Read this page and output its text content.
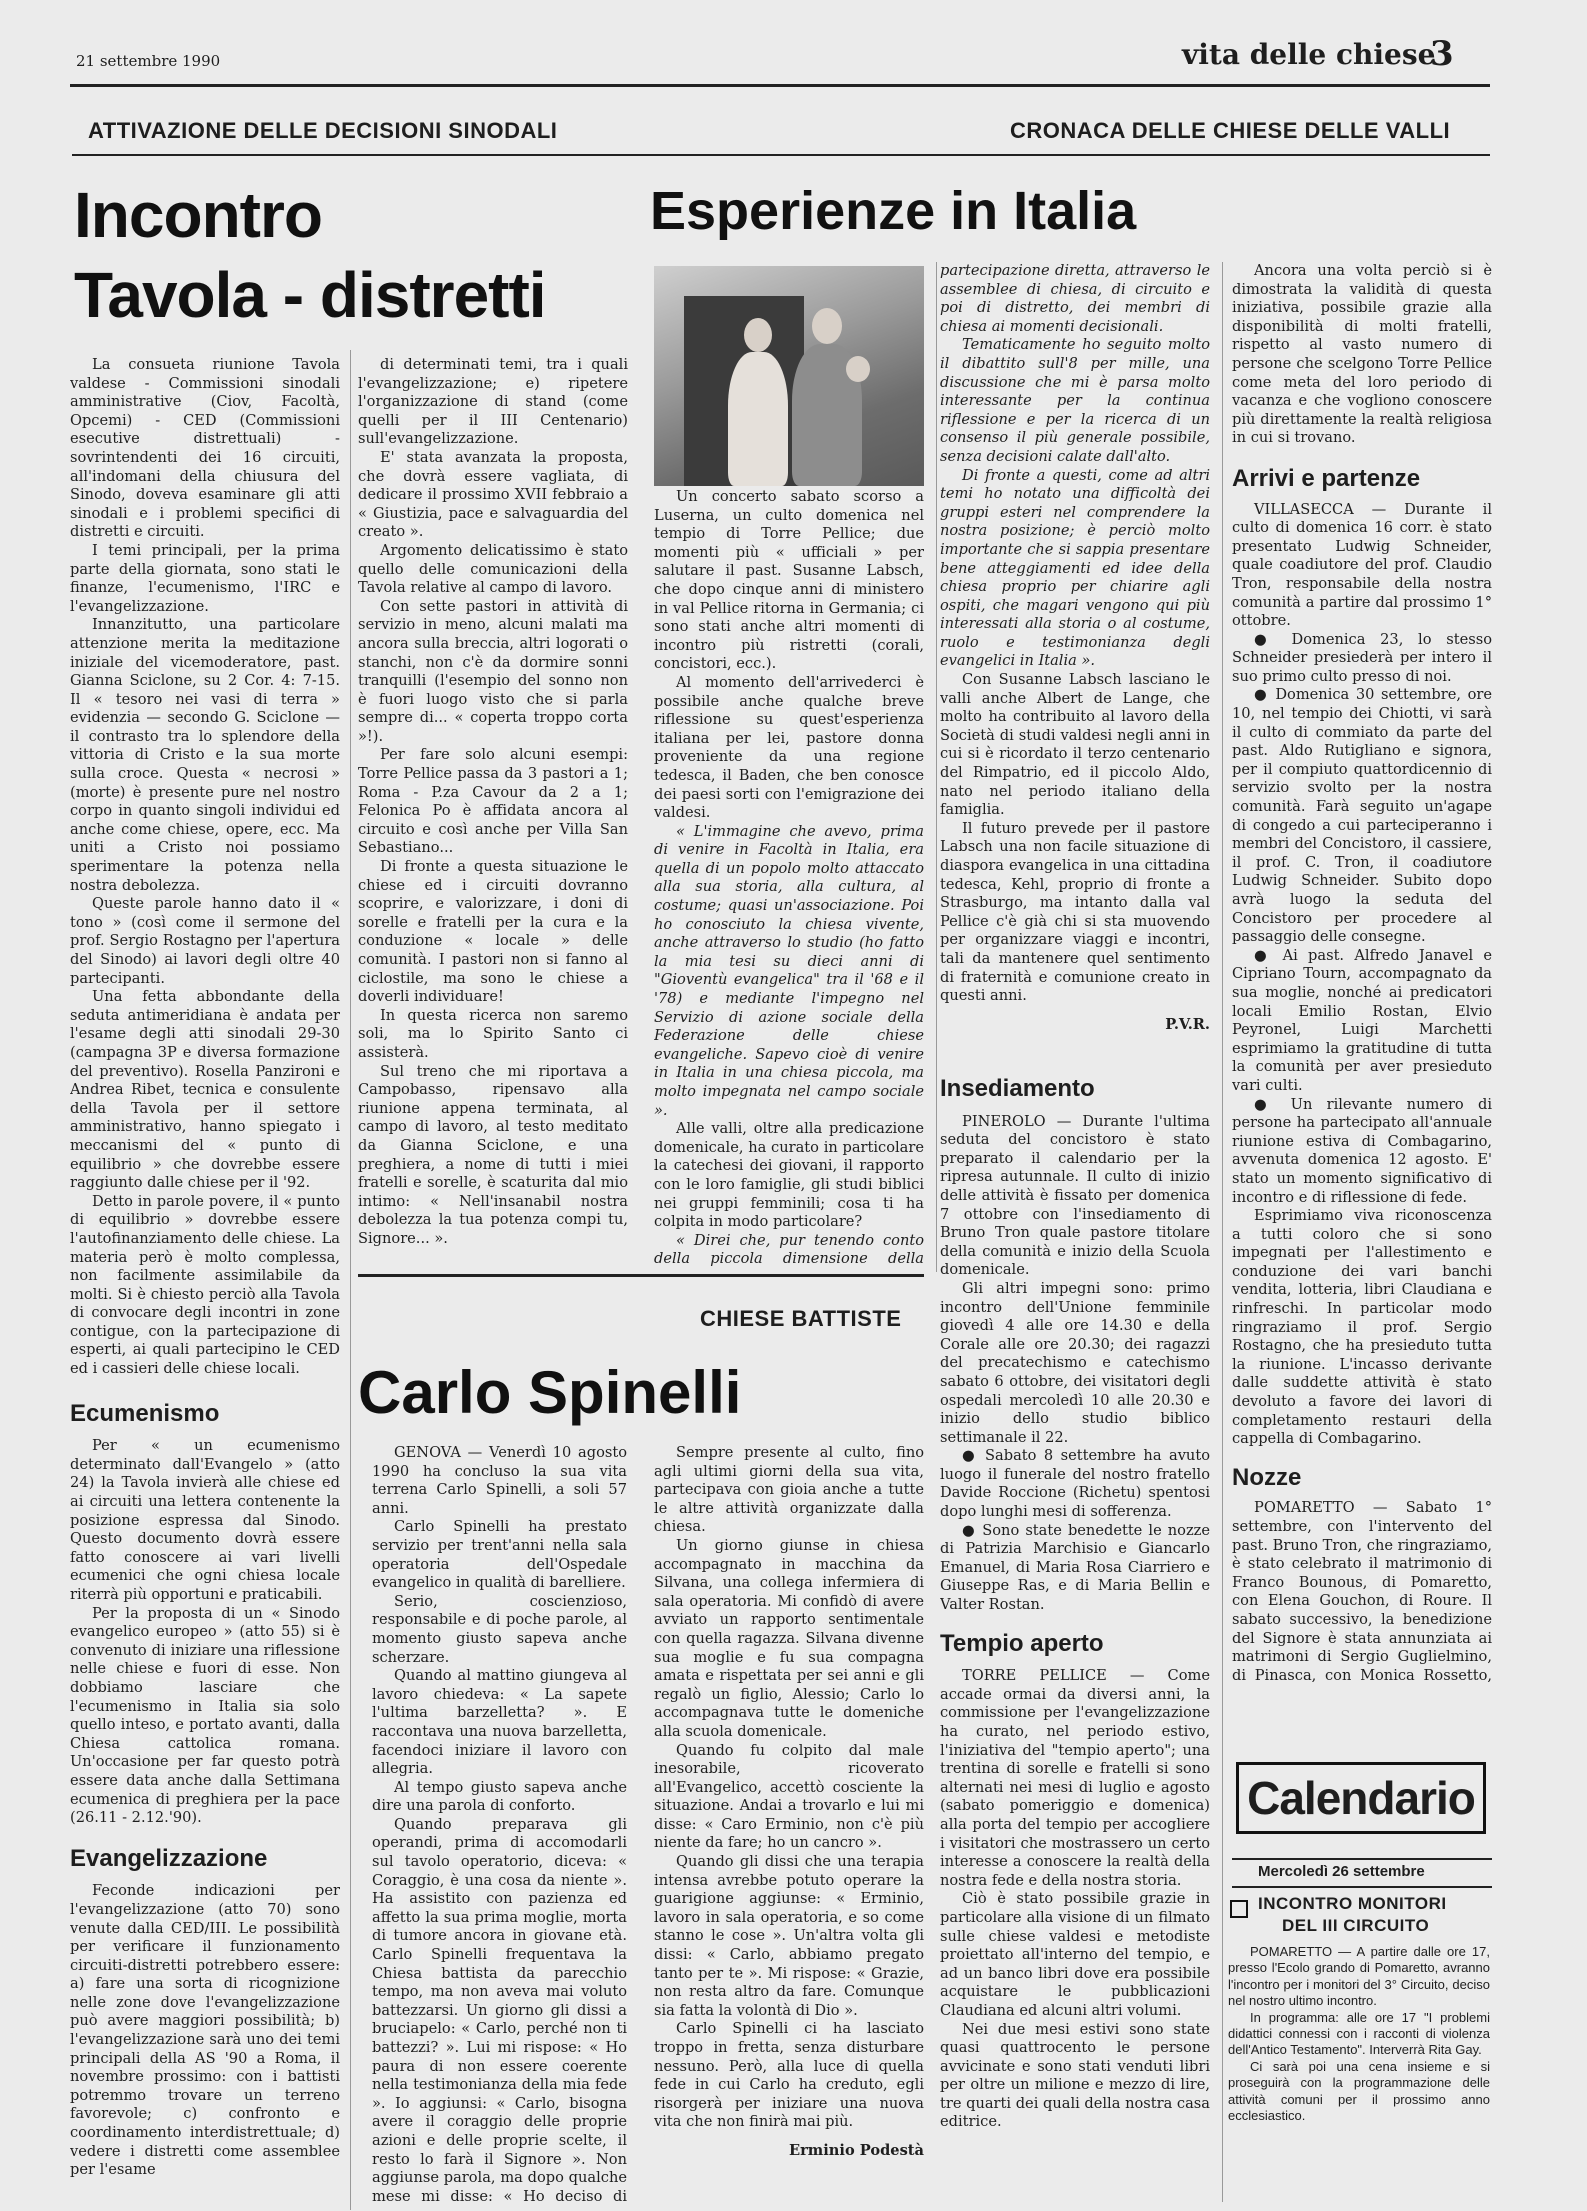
21 settembre 1990	vita delle chiese
3
ATTIVAZIONE DELLE DECISIONI SINODALI	CRONACA DELLE CHIESE DELLE VALLI
Incontro
Tavola - distretti

La consueta riunione Tavola valdese - Commissioni sinodali amministrative (Ciov, Facoltà, Opcemi) - CED (Commissioni esecutive distrettuali) - sovrintendenti dei 16 circuiti, all'indomani della chiusura del Sinodo, doveva esaminare gli atti sinodali e i problemi specifici di distretti e circuiti.

I temi principali, per la prima parte della giornata, sono stati le finanze, l'ecumenismo, l'IRC e l'evangelizzazione.

Innanzitutto, una particolare attenzione merita la meditazione iniziale del vicemoderatore, past. Gianna Sciclone, su 2 Cor. 4: 7-15. Il « tesoro nei vasi di terra » evidenzia — secondo G. Sciclone — il contrasto tra lo splendore della vittoria di Cristo e la sua morte sulla croce. Questa « necrosi » (morte) è presente pure nel nostro corpo in quanto singoli individui ed anche come chiese, opere, ecc. Ma uniti a Cristo noi possiamo sperimentare la potenza nella nostra debolezza.

Queste parole hanno dato il « tono » (così come il sermone del prof. Sergio Rostagno per l'apertura del Sinodo) ai lavori degli oltre 40 partecipanti.

Una fetta abbondante della seduta antimeridiana è andata per l'esame degli atti sinodali 29-30 (campagna 3P e diversa formazione del preventivo). Rosella Panzironi e Andrea Ribet, tecnica e consulente della Tavola per il settore amministrativo, hanno spiegato i meccanismi del « punto di equilibrio » che dovrebbe essere raggiunto dalle chiese per il '92.

Detto in parole povere, il « punto di equilibrio » dovrebbe essere l'autofinanziamento delle chiese. La materia però è molto complessa, non facilmente assimilabile da molti. Si è chiesto perciò alla Tavola di convocare degli incontri in zone contigue, con la partecipazione di esperti, ai quali partecipino le CED ed i cassieri delle chiese locali.

Ecumenismo

Per « un ecumenismo determinato dall'Evangelo » (atto 24) la Tavola invierà alle chiese ed ai circuiti una lettera contenente la posizione espressa dal Sinodo. Questo documento dovrà essere fatto conoscere ai vari livelli ecumenici che ogni chiesa locale riterrà più opportuni e praticabili.

Per la proposta di un « Sinodo evangelico europeo » (atto 55) si è convenuto di iniziare una riflessione nelle chiese e fuori di esse. Non dobbiamo lasciare che l'ecumenismo in Italia sia solo quello inteso, e portato avanti, dalla Chiesa cattolica romana. Un'occasione per far questo potrà essere data anche dalla Settimana ecumenica di preghiera per la pace (26.11 - 2.12.'90).

Evangelizzazione

Feconde indicazioni per l'evangelizzazione (atto 70) sono venute dalla CED/III. Le possibilità per verificare il funzionamento circuiti-distretti potrebbero essere: a) fare una sorta di ricognizione nelle zone dove l'evangelizzazione può avere maggiori possibilità; b) l'evangelizzazione sarà uno dei temi principali della AS '90 a Roma, il novembre prossimo: con i battisti potremmo trovare un terreno favorevole; c) confronto e coordinamento interdistrettuale; d) vedere i distretti come assemblee per l'esame

di determinati temi, tra i quali l'evangelizzazione; e) ripetere l'organizzazione di stand (come quelli per il III Centenario) sull'evangelizzazione.

E' stata avanzata la proposta, che dovrà essere vagliata, di dedicare il prossimo XVII febbraio a « Giustizia, pace e salvaguardia del creato ».

Argomento delicatissimo è stato quello delle comunicazioni della Tavola relative al campo di lavoro.

Con sette pastori in attività di servizio in meno, alcuni malati ma ancora sulla breccia, altri logorati o stanchi, non c'è da dormire sonni tranquilli (l'esempio del sonno non è fuori luogo visto che si parla sempre di... « coperta troppo corta »!).

Per fare solo alcuni esempi: Torre Pellice passa da 3 pastori a 1; Roma - P.za Cavour da 2 a 1; Felonica Po è affidata ancora al circuito e così anche per Villa San Sebastiano...

Di fronte a questa situazione le chiese ed i circuiti dovranno scoprire, e valorizzare, i doni di sorelle e fratelli per la cura e la conduzione « locale » delle comunità. I pastori non si fanno al ciclostile, ma sono le chiese a doverli individuare!

In questa ricerca non saremo soli, ma lo Spirito Santo ci assisterà.

Sul treno che mi riportava a Campobasso, ripensavo alla riunione appena terminata, al campo di lavoro, al testo meditato da Gianna Sciclone, e una preghiera, a nome di tutti i miei fratelli e sorelle, è scaturita dal mio intimo: « Nell'insanabil nostra debolezza la tua potenza compi tu, Signore... ».

Esperienze in Italia

Un concerto sabato scorso a Luserna, un culto domenica nel tempio di Torre Pellice; due momenti più « ufficiali » per salutare il past. Susanne Labsch, che dopo cinque anni di ministero in val Pellice ritorna in Germania; ci sono stati anche altri momenti di incontro più ristretti (corali, concistori, ecc.).

Al momento dell'arrivederci è possibile anche qualche breve riflessione su quest'esperienza italiana per lei, pastore donna proveniente da una regione tedesca, il Baden, che ben conosce dei paesi sorti con l'emigrazione dei valdesi.

« L'immagine che avevo, prima di venire in Facoltà in Italia, era quella di un popolo molto attaccato alla sua storia, alla cultura, al costume; quasi un'associazione. Poi ho conosciuto la chiesa vivente, anche attraverso lo studio (ho fatto la mia tesi su dieci anni di "Gioventù evangelica" tra il '68 e il '78) e mediante l'impegno nel Servizio di azione sociale della Federazione delle chiese evangeliche. Sapevo cioè di venire in Italia in una chiesa piccola, ma molto impegnata nel campo sociale ».

Alle valli, oltre alla predicazione domenicale, ha curato in particolare la catechesi dei giovani, il rapporto con le loro famiglie, gli studi biblici nei gruppi femminili; cosa ti ha colpita in modo particolare?

« Direi che, pur tenendo conto della piccola dimensione della

partecipazione diretta, attraverso le assemblee di chiesa, di circuito e poi di distretto, dei membri di chiesa ai momenti decisionali.

Tematicamente ho seguito molto il dibattito sull'8 per mille, una discussione che mi è parsa molto interessante per la continua riflessione e per la ricerca di un consenso il più generale possibile, senza decisioni calate dall'alto.

Di fronte a questi, come ad altri temi ho notato una difficoltà dei gruppi esteri nel comprendere la nostra posizione; è perciò molto importante che si sappia presentare bene atteggiamenti ed idee della chiesa proprio per chiarire agli ospiti, che magari vengono qui più interessati alla storia o al costume, ruolo e testimonianza degli evangelici in Italia ».

Con Susanne Labsch lasciano le valli anche Albert de Lange, che molto ha contribuito al lavoro della Società di studi valdesi negli anni in cui si è ricordato il terzo centenario del Rimpatrio, ed il piccolo Aldo, nato nel periodo italiano della famiglia.

Il futuro prevede per il pastore Labsch una non facile situazione di diaspora evangelica in una cittadina tedesca, Kehl, proprio di fronte a Strasburgo, ma intanto dalla val Pellice c'è già chi si sta muovendo per organizzare viaggi e incontri, tali da mantenere quel sentimento di fraternità e comunione creato in questi anni.

P.V.R.

CHIESE BATTISTE
Carlo Spinelli

GENOVA — Venerdì 10 agosto 1990 ha concluso la sua vita terrena Carlo Spinelli, a soli 57 anni.

Carlo Spinelli ha prestato servizio per trent'anni nella sala operatoria dell'Ospedale evangelico in qualità di barelliere.

Serio, coscienzioso, responsabile e di poche parole, al momento giusto sapeva anche scherzare.

Quando al mattino giungeva al lavoro chiedeva: « La sapete l'ultima barzelletta? ». E raccontava una nuova barzelletta, facendoci iniziare il lavoro con allegria.

Al tempo giusto sapeva anche dire una parola di conforto.

Quando preparava gli operandi, prima di accomodarli sul tavolo operatorio, diceva: « Coraggio, è una cosa da niente ». Ha assistito con pazienza ed affetto la sua prima moglie, morta di tumore ancora in giovane età. Carlo Spinelli frequentava la Chiesa battista da parecchio tempo, ma non aveva mai voluto battezzarsi. Un giorno gli dissi a bruciapelo: « Carlo, perché non ti battezzi? ». Lui mi rispose: « Ho paura di non essere coerente nella testimonianza della mia fede ». Io aggiunsi: « Carlo, bisogna avere il coraggio delle proprie azioni e delle proprie scelte, il resto lo farà il Signore ». Non aggiunse parola, ma dopo qualche mese mi disse: « Ho deciso di

Sempre presente al culto, fino agli ultimi giorni della sua vita, partecipava con gioia anche a tutte le altre attività organizzate dalla chiesa.

Un giorno giunse in chiesa accompagnato in macchina da Silvana, una collega infermiera di sala operatoria. Mi confidò di avere avviato un rapporto sentimentale con quella ragazza. Silvana divenne sua moglie e fu sua compagna amata e rispettata per sei anni e gli regalò un figlio, Alessio; Carlo lo accompagnava tutte le domeniche alla scuola domenicale.

Quando fu colpito dal male inesorabile, ricoverato all'Evangelico, accettò cosciente la situazione. Andai a trovarlo e lui mi disse: « Caro Erminio, non c'è più niente da fare; ho un cancro ».

Quando gli dissi che una terapia intensa avrebbe potuto operare la guarigione aggiunse: « Erminio, lavoro in sala operatoria, e so come stanno le cose ». Un'altra volta gli dissi: « Carlo, abbiamo pregato tanto per te ». Mi rispose: « Grazie, non resta altro da fare. Comunque sia fatta la volontà di Dio ».

Carlo Spinelli ci ha lasciato troppo in fretta, senza disturbare nessuno. Però, alla luce di quella fede in cui Carlo ha creduto, egli risorgerà per iniziare una nuova vita che non finirà mai più.

Erminio Podestà

Insediamento

PINEROLO — Durante l'ultima seduta del concistoro è stato preparato il calendario per la ripresa autunnale. Il culto di inizio delle attività è fissato per domenica 7 ottobre con l'insediamento di Bruno Tron quale pastore titolare della comunità e inizio della Scuola domenicale.

Gli altri impegni sono: primo incontro dell'Unione femminile giovedì 4 alle ore 14.30 e della Corale alle ore 20.30; dei ragazzi del precatechismo e catechismo sabato 6 ottobre, dei visitatori degli ospedali mercoledì 10 alle 20.30 e inizio dello studio biblico settimanale il 22.

● Sabato 8 settembre ha avuto luogo il funerale del nostro fratello Davide Roccione (Richetu) spentosi dopo lunghi mesi di sofferenza.

● Sono state benedette le nozze di Patrizia Marchisio e Giancarlo Emanuel, di Maria Rosa Ciarriero e Giuseppe Ras, e di Maria Bellin e Valter Rostan.

Tempio aperto

TORRE PELLICE — Come accade ormai da diversi anni, la commissione per l'evangelizzazione ha curato, nel periodo estivo, l'iniziativa del "tempio aperto"; una trentina di sorelle e fratelli si sono alternati nei mesi di luglio e agosto (sabato pomeriggio e domenica) alla porta del tempio per accogliere i visitatori che mostrassero un certo interesse a conoscere la realtà della nostra fede e della nostra storia.

Ciò è stato possibile grazie in particolare alla visione di un filmato sulle chiese valdesi e metodiste proiettato all'interno del tempio, e ad un banco libri dove era possibile acquistare le pubblicazioni Claudiana ed alcuni altri volumi.

Nei due mesi estivi sono state quasi quattrocento le persone avvicinate e sono stati venduti libri per oltre un milione e mezzo di lire, tre quarti dei quali della nostra casa editrice.

Ancora una volta perciò si è dimostrata la validità di questa iniziativa, possibile grazie alla disponibilità di molti fratelli, rispetto al vasto numero di persone che scelgono Torre Pellice come meta del loro periodo di vacanza e che vogliono conoscere più direttamente la realtà religiosa in cui si trovano.

Arrivi e partenze

VILLASECCA — Durante il culto di domenica 16 corr. è stato presentato Ludwig Schneider, quale coadiutore del prof. Claudio Tron, responsabile della nostra comunità a partire dal prossimo 1° ottobre.

● Domenica 23, lo stesso Schneider presiederà per intero il suo primo culto presso di noi.

● Domenica 30 settembre, ore 10, nel tempio dei Chiotti, vi sarà il culto di commiato da parte del past. Aldo Rutigliano e signora, per il compiuto quattordicennio di servizio svolto per la nostra comunità. Farà seguito un'agape di congedo a cui parteciperanno i membri del Concistoro, il cassiere, il prof. C. Tron, il coadiutore Ludwig Schneider. Subito dopo avrà luogo la seduta del Concistoro per procedere al passaggio delle consegne.

● Ai past. Alfredo Janavel e Cipriano Tourn, accompagnato da sua moglie, nonché ai predicatori locali Emilio Rostan, Elvio Peyronel, Luigi Marchetti esprimiamo la gratitudine di tutta la comunità per aver presieduto vari culti.

● Un rilevante numero di persone ha partecipato all'annuale riunione estiva di Combagarino, avvenuta domenica 12 agosto. E' stato un momento significativo di incontro e di riflessione di fede.

Esprimiamo viva riconoscenza a tutti coloro che si sono impegnati per l'allestimento e conduzione dei vari banchi vendita, lotteria, libri Claudiana e rinfreschi. In particolar modo ringraziamo il prof. Sergio Rostagno, che ha presieduto tutta la riunione. L'incasso derivante dalle suddette attività è stato devoluto a favore dei lavori di completamento restauri della cappella di Combagarino.

Nozze

POMARETTO — Sabato 1° settembre, con l'intervento del past. Bruno Tron, che ringraziamo, è stato celebrato il matrimonio di Franco Bounous, di Pomaretto, con Elena Gouchon, di Roure. Il sabato successivo, la benedizione del Signore è stata annunziata ai matrimoni di Sergio Guglielmino, di Pinasca, con Monica Rossetto,

Calendario
Mercoledì 26 settembre
INCONTRO MONITORI
DEL III CIRCUITO

POMARETTO — A partire dalle ore 17, presso l'Ecolo grando di Pomaretto, avranno l'incontro per i monitori del 3° Circuito, deciso nel nostro ultimo incontro.

In programma: alle ore 17 "I problemi didattici connessi con i racconti di violenza dell'Antico Testamento". Interverrà Rita Gay.

Ci sarà poi una cena insieme e si proseguirà con la programmazione delle attività comuni per il prossimo anno ecclesiastico.
